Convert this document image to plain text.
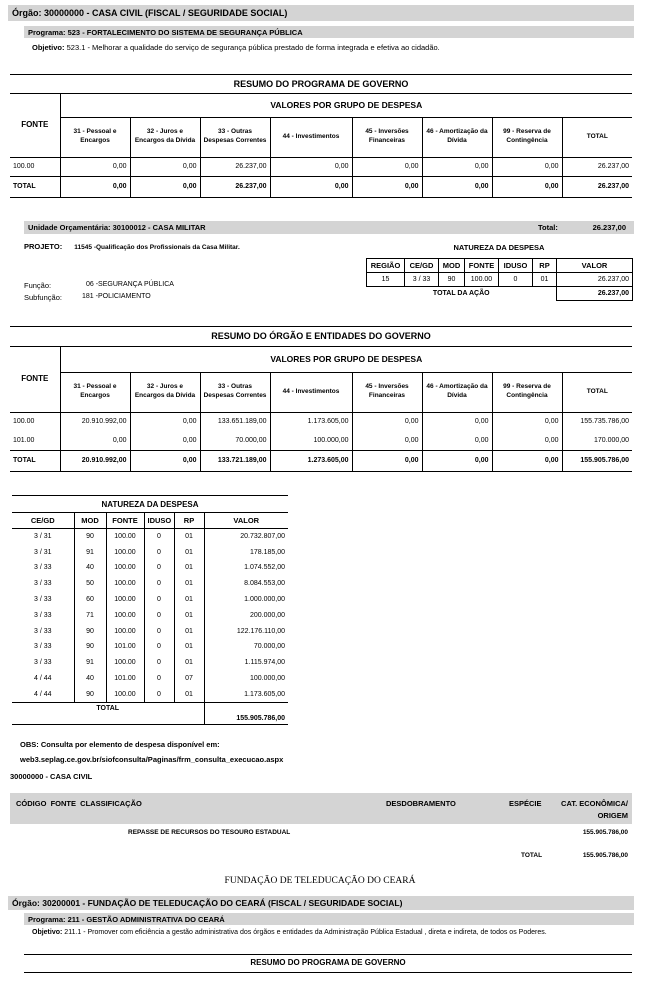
Órgão: 30000000 - CASA CIVIL (FISCAL / SEGURIDADE SOCIAL)
Programa: 523 - FORTALECIMENTO DO SISTEMA DE SEGURANÇA PÚBLICA
Objetivo: 523.1 - Melhorar a qualidade do serviço de segurança pública prestado de forma integrada e efetiva ao cidadão.
RESUMO DO PROGRAMA DE GOVERNO
FONTE	VALORES POR GRUPO DE DESPESA							
	31 - Pessoal e Encargos	32 - Juros e Encargos da Dívida	33 - Outras Despesas Correntes	44 - Investimentos	45 - Inversões Financeiras	46 - Amortização da Dívida	99 - Reserva de Contingência	TOTAL
100.00	0,00	0,00	26.237,00	0,00	0,00	0,00	0,00	26.237,00
TOTAL	0,00	0,00	26.237,00	0,00	0,00	0,00	0,00	26.237,00
Unidade Orçamentária: 30100012 - CASA MILITAR	Total:	26.237,00
PROJETO: 11545 -Qualificação dos Profissionais da Casa Militar.	NATUREZA DA DESPESA
REGIÃO	CE/GD	MOD	FONTE	IDUSO	RP	VALOR
15	3 / 33	90	100.00	0	01	26.237,00
TOTAL DA AÇÃO						26.237,00
Função:	06 -SEGURANÇA PÚBLICA
Subfunção:	181 -POLICIAMENTO
RESUMO DO ÓRGÃO E ENTIDADES DO GOVERNO
FONTE	VALORES POR GRUPO DE DESPESA							
	31 - Pessoal e Encargos	32 - Juros e Encargos da Dívida	33 - Outras Despesas Correntes	44 - Investimentos	45 - Inversões Financeiras	46 - Amortização da Dívida	99 - Reserva de Contingência	TOTAL
100.00	20.910.992,00	0,00	133.651.189,00	1.173.605,00	0,00	0,00	0,00	155.735.786,00
101.00	0,00	0,00	70.000,00	100.000,00	0,00	0,00	0,00	170.000,00
TOTAL	20.910.992,00	0,00	133.721.189,00	1.273.605,00	0,00	0,00	0,00	155.905.786,00
NATUREZA DA DESPESA					
CE/GD	MOD	FONTE	IDUSO	RP	VALOR
3 / 31	90	100.00	0	01	20.732.807,00
3 / 31	91	100.00	0	01	178.185,00
3 / 33	40	100.00	0	01	1.074.552,00
3 / 33	50	100.00	0	01	8.084.553,00
3 / 33	60	100.00	0	01	1.000.000,00
3 / 33	71	100.00	0	01	200.000,00
3 / 33	90	100.00	0	01	122.176.110,00
3 / 33	90	101.00	0	01	70.000,00
3 / 33	91	100.00	0	01	1.115.974,00
4 / 44	40	101.00	0	07	100.000,00
4 / 44	90	100.00	0	01	1.173.605,00
TOTAL					155.905.786,00
OBS: Consulta por elemento de despesa disponível em:
web3.seplag.ce.gov.br/siofconsulta/Paginas/frm_consulta_execucao.aspx
30000000 - CASA CIVIL
CÓDIGO  FONTE  CLASSIFICAÇÃO	DESDOBRAMENTO	ESPÉCIE	CAT. ECONÔMICA/
ORIGEM
REPASSE DE RECURSOS DO TESOURO ESTADUAL	155.905.786,00
TOTAL	155.905.786,00
FUNDAÇÃO DE TELEDUCAÇÃO DO CEARÁ
Órgão: 30200001 - FUNDAÇÃO DE TELEDUCAÇÃO DO CEARÁ (FISCAL / SEGURIDADE SOCIAL)
Programa: 211 - GESTÃO ADMINISTRATIVA DO CEARÁ
Objetivo: 211.1 - Promover com eficiência a gestão administrativa dos órgãos e entidades da Administração Pública Estadual , direta e indireta, de todos os Poderes.
RESUMO DO PROGRAMA DE GOVERNO
